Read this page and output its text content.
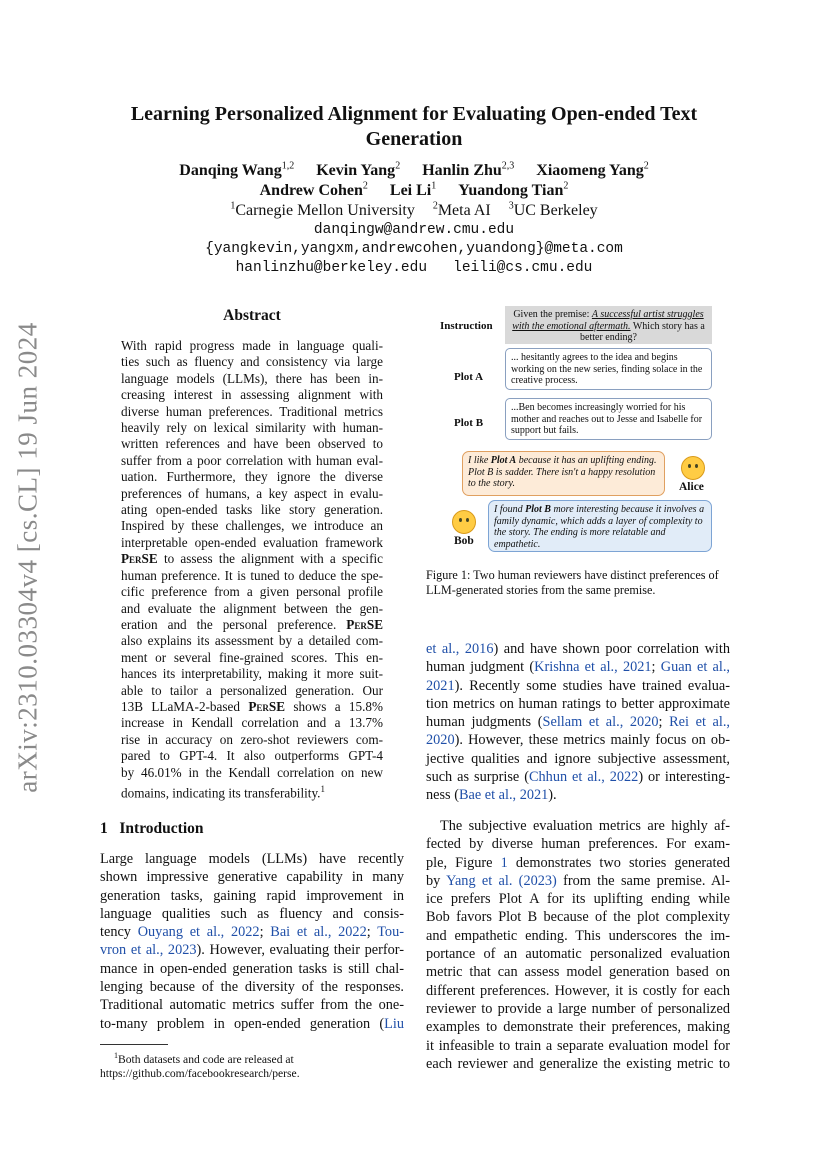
arXiv:2310.03304v4 [cs.CL] 19 Jun 2024
Learning Personalized Alignment for Evaluating Open-ended Text
Generation
Danqing Wang$^{1,2}$ Kevin Yang$^2$ Hanlin Zhu$^{2,3}$ Xiaomeng Yang$^2$
Andrew Cohen$^2$ Lei Li$^1$ Yuandong Tian$^2$
$^1$Carnegie Mellon University $^2$Meta AI $^3$UC Berkeley
danqingw@andrew.cmu.edu
{yangkevin,yangxm,andrewcohen,yuandong}@meta.com
hanlinzhu@berkeley.edu leili@cs.cmu.edu
Abstract
With rapid progress made in language quali-
ties such as fluency and consistency via large
language models (LLMs), there has been in-
creasing interest in assessing alignment with
diverse human preferences. Traditional metrics
heavily rely on lexical similarity with human-
written references and have been observed to
suffer from a poor correlation with human eval-
uation. Furthermore, they ignore the diverse
preferences of humans, a key aspect in evalu-
ating open-ended tasks like story generation.
Inspired by these challenges, we introduce an
interpretable open-ended evaluation framework
PerSE to assess the alignment with a specific
human preference. It is tuned to deduce the spe-
cific preference from a given personal profile
and evaluate the alignment between the gen-
eration and the personal preference. PerSE
also explains its assessment by a detailed com-
ment or several fine-grained scores. This en-
hances its interpretability, making it more suit-
able to tailor a personalized generation. Our
13B LLaMA-2-based PerSE shows a 15.8%
increase in Kendall correlation and a 13.7%
rise in accuracy on zero-shot reviewers com-
pared to GPT-4. It also outperforms GPT-4
by 46.01% in the Kendall correlation on new
domains, indicating its transferability.$^1$
1 Introduction
Large language models (LLMs) have recently
shown impressive generative capability in many
generation tasks, gaining rapid improvement in
language qualities such as fluency and consis-
tency Ouyang et al., 2022; Bai et al., 2022; Tou-
vron et al., 2023). However, evaluating their perfor-
mance in open-ended generation tasks is still chal-
lenging because of the diversity of the responses.
Traditional automatic metrics suffer from the one-
to-many problem in open-ended generation (Liu
$^1$Both datasets and code are released at
https://github.com/facebookresearch/perse.
Instruction
Given the premise: A successful artist struggles with the emotional aftermath. Which story has a better ending?
Plot A
... hesitantly agrees to the idea and begins working on the new series, finding solace in the creative process.
Plot B
...Ben becomes increasingly worried for his mother and reaches out to Jesse and Isabelle for support but fails.
I like Plot A because it has an uplifting ending. Plot B is sadder. There isn't a happy resolution to the story.	Alice
Bob
I found Plot B more interesting because it involves a family dynamic, which adds a layer of complexity to the story. The ending is more relatable and empathetic.
Figure 1: Two human reviewers have distinct preferences of LLM-generated stories from the same premise.
et al., 2016) and have shown poor correlation with
human judgment (Krishna et al., 2021; Guan et al.,
2021). Recently some studies have trained evalua-
tion metrics on human ratings to better approximate
human judgments (Sellam et al., 2020; Rei et al.,
2020). However, these metrics mainly focus on ob-
jective qualities and ignore subjective assessment,
such as surprise (Chhun et al., 2022) or interesting-
ness (Bae et al., 2021).
The subjective evaluation metrics are highly af-
fected by diverse human preferences. For exam-
ple, Figure 1 demonstrates two stories generated
by Yang et al. (2023) from the same premise. Al-
ice prefers Plot A for its uplifting ending while
Bob favors Plot B because of the plot complexity
and empathetic ending. This underscores the im-
portance of an automatic personalized evaluation
metric that can assess model generation based on
different preferences. However, it is costly for each
reviewer to provide a large number of personalized
examples to demonstrate their preferences, making
it infeasible to train a separate evaluation model for
each reviewer and generalize the existing metric to
